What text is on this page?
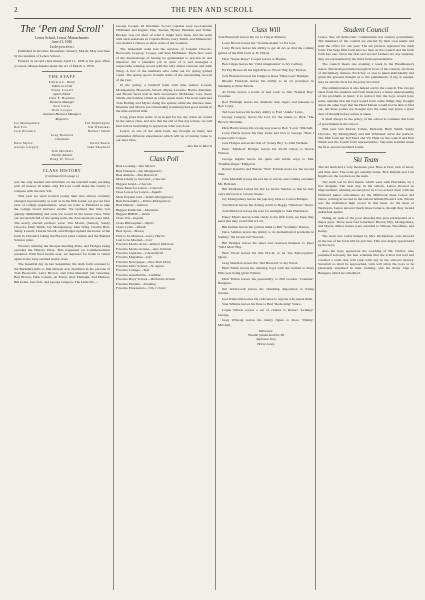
2	THE PEN AND SCROLL
The ‘Pen and Scroll’
Lenox School, Lenox, Massachusetts
June 21, 1946
Independent

Published in October, December, January, March, May and June by the students of Lenox School.

Entered as second class matter April 11, 1938 at the post office at Lenox, Massachusetts under the act of March 3, 1879.

THE STAFF
Edward C. Dunn
Editor-in-Chief
Tandy Lowell
Sports Editor
John F. Hopkins
Business Manager
Ken Carey
Dick Cooper
Assistant Business Managers
Reporters
Joe Montgomery	Ted Nightingale
Ben Fox	Jim Whittaker
Jack Woodard	Herbert Smith
Greg Bonnard
Columnists
Dave Myers	David Beach
George Gregory	John Shephard
Tom Mitchell
Faculty Adviser
Doug W. Wood
CLASS HISTORY
(Continued from page 1)

was the only student and letterman on the baseball team; pitching well all season. In tennis only Ed Carr could make the varsity to compete with the new Y.R.

This year we were noticed young men who almost certainly changed in personality as well as in the fifth forms; we got our first taste of college requirements, when we went to Pittsfield to take the college board entrance exams. We realized that time was quickly diminishing and soon we would be the senior class. With our last month full of the spring term, the class elections were held. The newly elected prefects were: Van Morris (Senior), Sandy Chocolo, Herb Smith, Jay Montgomery, John Wing, Charlie Holt, Tandy Lowell, Charlie Woodt, and Hodges upheld the honor of the form in Chronic's taking the Harvard prize column and the Bullard Science prize.

Woods's winning the Morgan Reading Prize, and Hodges being awarded the History Prize. This happened on Commencement weekend. With final exams over, we departed for home to return again as the long-awaited senior class.

The beautiful day in late September, the sixth form returned to the Berkshire hills to find thirteen new members in the persons of Tom Bosworth, Larry Brown, and John Marshall (all veterans), Ben Brown, Dick Conner, Al Ferrie, Rod Fitzhugh, Ted Hudson, Bill Kohn, Gus Soll, and George Gregory. The Little Wo ...

George Cooper, all lettermen. Soccer captains were Go-Captains Whittaker and Ingalls, Dep. Skeran, Hynes, Hendren and Tollen. Hockey was cut short of what it might have been, and the team with such standouts as Captain Harris, Gary Smith, and Milankovic was denied a chance to show some of the wonders.

The basketball team had the services of Captain Chocolo, Bosworth, Gregory, Cooper, and Rod McMaster. There how were of the disadvantage of having no gymnasium to practice in and therefore did a plausible job in spite of it and managed a respectable winning record with the only senior veterans and John Wing. A few of the members who came out for spring gained credit. The spring sports brought some of the outstanding records of the year.

In the spring, a baseball team with nine seniors Lowell, Montgomery, Bosworth, Woodt, Bryan, Lucedia, Harris, Marshall, and Brown fared well in their encounters. McMaster, Carr, Steve Smith, and Salmon rallied as a fine tennis team. The track team had Tom Bolling and Myers doing the sprints while the distance men, Hopkins and Morris (an outstanding trackman) had good results in the mile and half mile.

Long years have some of us hoped for the day when we would be the senior class, and now that the end of that day is here, we will find it most heartening to appreciate what was done.

Lenox, as one of the sixth form, has brought us many and sometimes different experiences which will be of lasting value to our later lives.

—Van Burns Morris
Class Poll
Best Looking—Van Morris
Best Dressed—Jay Montgomery
Best Athlete—Tom Bosworth
Most Likely to Succeed—Chocolo
Biggest Grind—Chocolo
Done Most for Lenox—Chocolo
Does Lenox for Lenox—Ingalls
Most Popular Girl—Tollen-Montgomery
Best Personality—Tollen-Montgomery
Best Dancer—Salmon
Biggest Politician—Marshall
Biggest BMOC—Smith
Class Wit—Ingalls
Class Philosopher—Myers
Class Cynic—Woodt
Best Sport—Brown
First to be Married—Larry Harris
Last to be Married—Carr
Favorite Movie Actor—Robert Mitchum
Favorite Movie Actress—Ann Johnson
Favorite Cigarette—Chesterfield
Favorite Magazine—Life
Favorite Newspaper—New York Times
Favorite Girls' School—St. Agnes
Favorite College—Yale
Favorite Automobile—Cadillac
Favorite Boys' School—Berkshire School
Favorite Pastime—Smoking
Favorite Expression—‘Oh, Crimes’
Class Will

Tom Bosworth leaves his car to Thayer Roberts.

Larry Brown leaves his ‘Trouble-maker’ to Ed Carr.

Larry Brown leaves his ability to get all A's so that the coming genius of the fifth form A. B. Harris.

Dick “Super-Dope” Cooper leaves to Hawke.

Ben Cripps leaves his ‘vivid imagination’ to Ivy Carling.

Ed Fay Brown all his high rifles to Wood ‘Big Toy’ Paxton.

Jack Bonnard leaves his budget to Ross ‘Hans Lout’ Heiliger.

Rhodes Freedom leaves his ability to be on probation in Smoking to Peter Morris.

Al Ferrie leaves a bottle of hair tonic to Jim ‘Natural Boy’ Cranmer.

Rod Fitzhugh leaves his dramatic title, tigers and bananas to Bob Carey.

Ted Gore leaves his hockey ability to Fred ‘Ankle’ Levis.

George Gregory leaves his love for the tennis to Rick ‘The Brown’ Sheridan.

Dick Harris leaves his wrong-way pass to Bob ‘Lover’ Mitchell.

Larry Harris leaves his Dan Jacks and bics to George ‘Hors I Come Girls’ Cogan.

Jack Hodges leaves his title of ‘Sonny Boy’ to John Wellster.

Peter ‘Mitchell’ Hodges leaves his 26-20 vision to Norris Watson.

George Ingalls leaves his quiet and subtle ways to Mac ‘Pumble-finger’ Plimpton.

Robert Kornblo and Burrus ‘Fish’ Tolman leave for the second time.

John Marshall leaves his red hat to run up and coming caretaker Mr. Holland.

Bill McMaster leaves his last Le Globe Sunrise so that he may carry the torch to Grover Steele.

Jay Montgomery leaves the pup-dog slide to Colton Bridges.

Van Morris leaves his closing credit to Doggy ‘Windows’ Vance.

Tom Muldoon leaves his love for sunlight to Sam Hutchison.

Fancy Myers leaves some candy to the fifth form, we hope they need that they could find it's all.

Bill Pullins leaves his cynical mind to Bill ‘Scrimmy’ Harrop.

Dave Salmon leaves his ability to do mathematical problems in Sammy ‘the brown tail’ Stewart.

Bill Bridges leaves his quiet and reserved manners to Peter ‘Wild Man’ Hay.

Herb Wood leaves his title H.C.R. to be ‘the Episcopalian’ Quaet.

Greg Sherman leaves the ‘Old Heavard’ to Jay Wood.

Herb Smith leaves his winning ways with the woman to Dave Ellis year being given Tollens.

Dick Tollen leaves his personality to Bill Gordon ‘Granular’ Bangtree.

Jim Wadsworth leaves his charming disposition to Irving Strauss.

Joel Whitcomb leaves his crabcanoe to anyone who needs them.

Stan Wilkins leaves his flute to Bud ‘Reckoning’ Vance.

Logan Wilson leaves a set of clothes to Robert ‘Grumpy’ George.

Greg Wilsong leaves his dainty figure to Ross ‘Timmy’ Mitchell.

Witnesses:
Woodie Sunderland the III
Alphonse Dog
Horse Lanny
Student Council

Lenox, like all democratic communities has student government. The members of the council are elected by their own teams and hold the office for one year. The six prefects represent the sixth form. The large fifth form has two men on the council and the forth form has one. Since the first and second formers are day students, they are represented by the third form representative.

The council meets one evening a week in the Headmaster's house. The main problems brought in front of the council, are those of disciplinary matters. Each boy or case is taken individually and given the greatest thought as to the punishment, if any is needed, may be and the facts for the party involved.

The administration is also helped out by the council. The can get ideas from the students and from them have a better understanding of the problems at hand. It is noticed that the boys would have some remarks that the boys would have some things they thought about the other boys that the Head Master would not be able to find out. All these points are brought into the same and given a great deal of thought before action is taken.

It shall always be the policy of the school to continue this form of government in the school.

This year Van Morris, Tollen, Richards, Herb Smith, Sandy Chocolo, Jay Montgomery and Jim Whittaker serve the prefects. The fifth form put Ted Yates and Vic Hunt on the council and Bob Smith was the fourth form representative. Sabourin Gamble made the first, second and third forms.

Ski Team

The ski team had a very moderate year. Here at first, lack of snow, and then later. The team got steadily better. Bob Pelham and Carl Ingalls are the top men on the team.

The team lost its first meets, which were with Hotchkiss, by a few margins. The next day, in the slalom, Lenox showed its improvement, winning second place in a two-school meet with the Pittsfield junior schoolmen. At the Millbrook meet Lenox did better, coming in second in the slalom behind Brown's win. Brown was the individual high scorer in this meet. At the meet at Wesleyan, Lenox showed much more balance, though they lacked individual sparks.

Skiing, in spite of the poor showing this year participated as a major sport. There were four lettermen: Brown, Hay, Montgomery, and Myers. Minor letters were awarded to Wilson, Woodbury, and Kemp.

The team was vastly helped by Mrs. Richardson, who allowed us the use of her back hill for practice. This was deeply appreciated by the boys.

Also the boys appreciate the coaching of Mr. Nichol, who presented seriously the best schedule that the school has had and coached a team that will rank with any in the school's history. Snowfall so shall be approached, with will allow the boys to be pleasantly surprised in their training, and the many trips to Bumpers which he scheduled.
